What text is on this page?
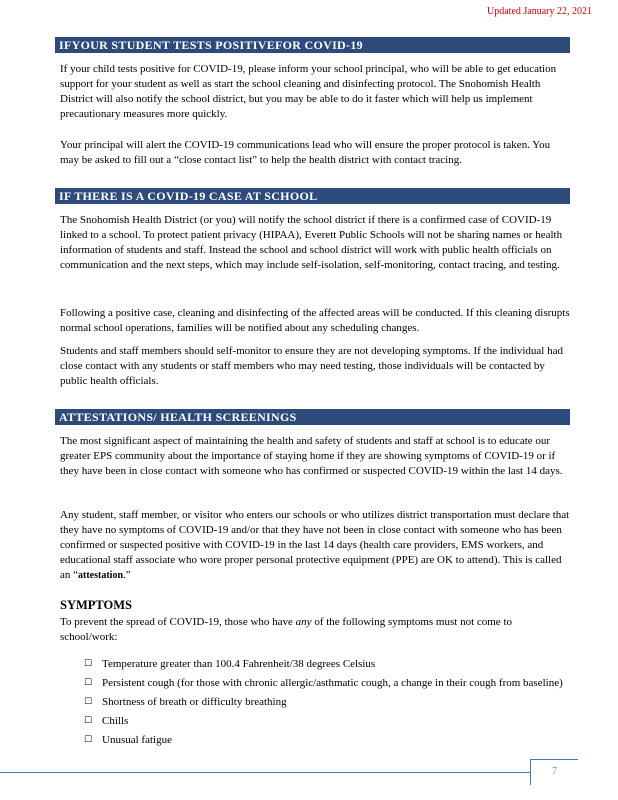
Updated January 22, 2021
IFYOUR STUDENT TESTS POSITIVEFOR COVID-19

If your child tests positive for COVID-19, please inform your school principal, who will be able to get education support for your student as well as start the school cleaning and disinfecting protocol. The Snohomish Health District will also notify the school district, but you may be able to do it faster which will help us implement precautionary measures more quickly.

Your principal will alert the COVID-19 communications lead who will ensure the proper protocol is taken. You may be asked to fill out a “close contact list” to help the health district with contact tracing.

IF THERE IS A COVID-19 CASE AT SCHOOL

The Snohomish Health District (or you) will notify the school district if there is a confirmed case of COVID-19 linked to a school. To protect patient privacy (HIPAA), Everett Public Schools will not be sharing names or health information of students and staff. Instead the school and school district will work with public health officials on communication and the next steps, which may include self-isolation, self-monitoring, contact tracing, and testing.

Following a positive case, cleaning and disinfecting of the affected areas will be conducted. If this cleaning disrupts normal school operations, families will be notified about any scheduling changes.

Students and staff members should self-monitor to ensure they are not developing symptoms. If the individual had close contact with any students or staff members who may need testing, those individuals will be contacted by public health officials.

ATTESTATIONS/ HEALTH SCREENINGS

The most significant aspect of maintaining the health and safety of students and staff at school is to educate our greater EPS community about the importance of staying home if they are showing symptoms of COVID-19 or if they have been in close contact with someone who has confirmed or suspected COVID-19 within the last 14 days.

Any student, staff member, or visitor who enters our schools or who utilizes district transportation must declare that they have no symptoms of COVID-19 and/or that they have not been in close contact with someone who has been confirmed or suspected positive with COVID-19 in the last 14 days (health care providers, EMS workers, and educational staff associate who wore proper personal protective equipment (PPE) are OK to attend). This is called an “attestation.”

SYMPTOMS

To prevent the spread of COVID-19, those who have any of the following symptoms must not come to school/work:

☐ Temperature greater than 100.4 Fahrenheit/38 degrees Celsius
☐ Persistent cough (for those with chronic allergic/asthmatic cough, a change in their cough from baseline)
☐ Shortness of breath or difficulty breathing
☐ Chills
☐ Unusual fatigue
7
